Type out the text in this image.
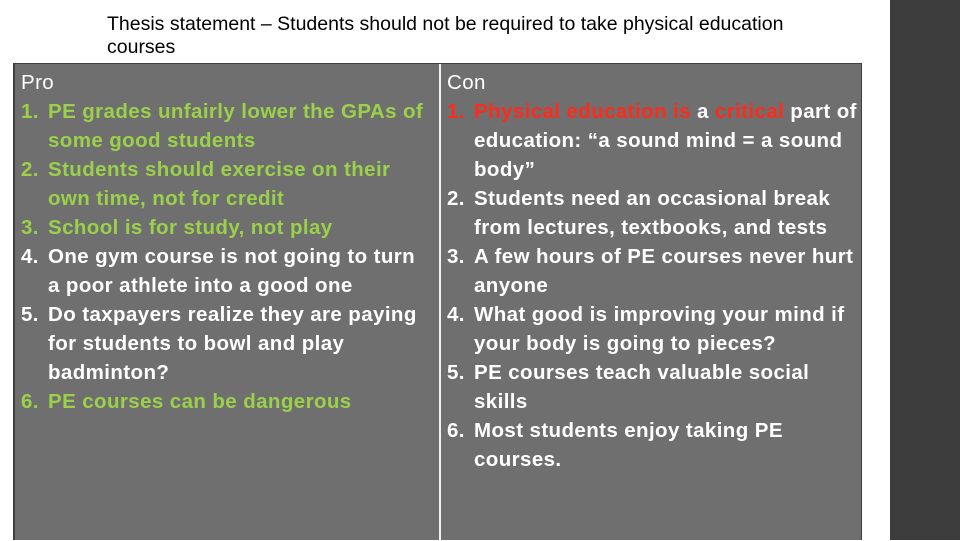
Thesis statement – Students should not be required to take physical education courses
Pro
1. PE grades unfairly lower the GPAs of some good students
2. Students should exercise on their own time, not for credit
3. School is for study, not play
4. One gym course is not going to turn a poor athlete into a good one
5. Do taxpayers realize they are paying for students to bowl and play badminton?
6. PE courses can be dangerous
Con
1. Physical education is a critical part of education: “a sound mind = a sound body”
2. Students need an occasional break from lectures, textbooks, and tests
3. A few hours of PE courses never hurt anyone
4. What good is improving your mind if your body is going to pieces?
5. PE courses teach valuable social skills
6. Most students enjoy taking PE courses.
